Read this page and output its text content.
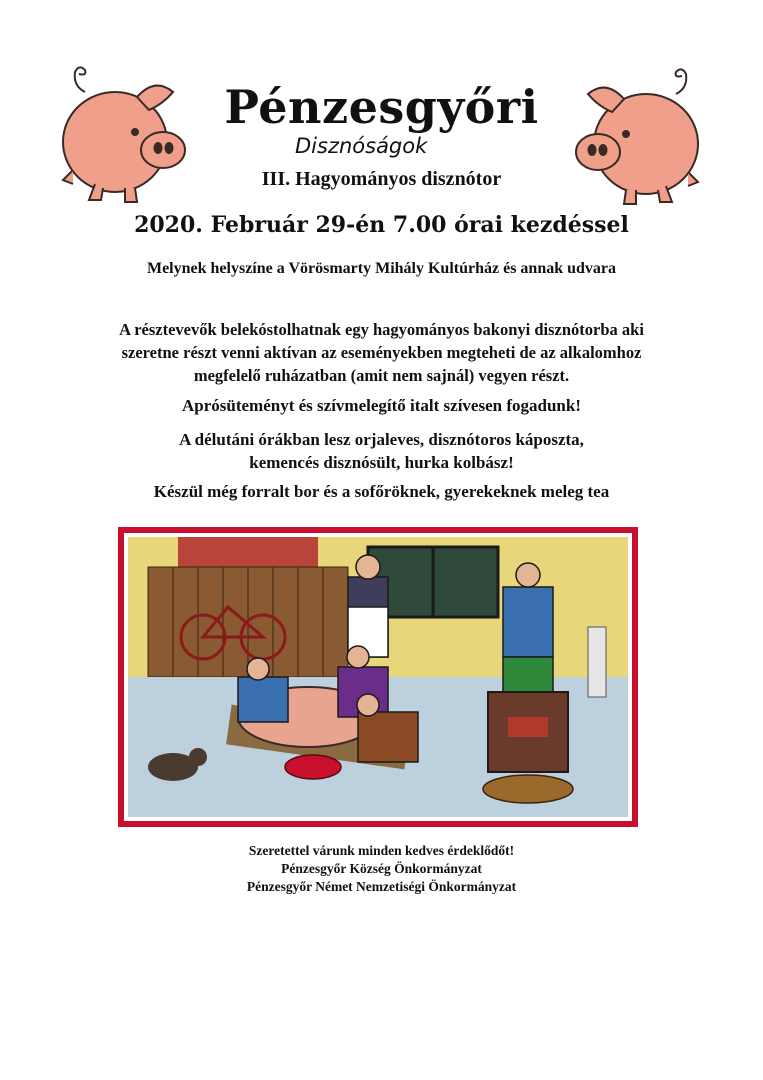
Pénzesgyőri
Disznóságok
III. Hagyományos disznótor
2020. Február 29-én 7.00 órai kezdéssel
Melynek helyszíne a Vörösmarty Mihály Kultúrház és annak udvara
A résztevevők belekóstolhatnak egy hagyományos bakonyi disznótorba aki
szeretne részt venni aktívan az eseményekben megteheti de az alkalomhoz
megfelelő ruházatban (amit nem sajnál) vegyen részt.
Aprósüteményt és szívmelegítő italt szívesen fogadunk!
A délutáni órákban lesz orjaleves, disznótoros káposzta,
kemencés disznósült, hurka kolbász!
Készül még forralt bor és a sofőröknek, gyerekeknek meleg tea
Szeretettel várunk minden kedves érdeklődőt!
Pénzesgyőr Község Önkormányzat
Pénzesgyőr Német Nemzetiségi Önkormányzat
